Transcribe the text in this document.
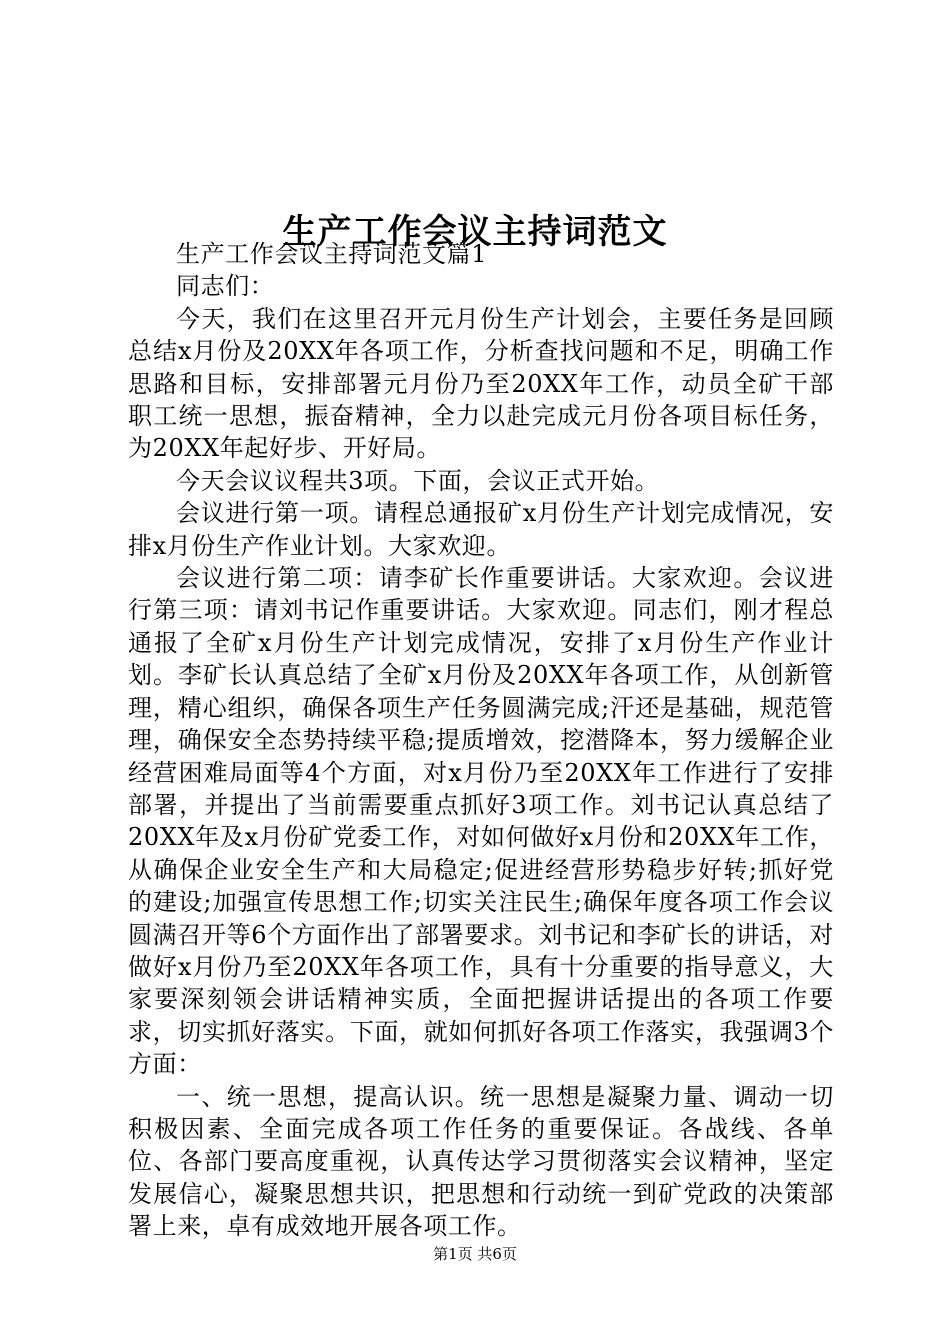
生产工作会议主持词范文

生产工作会议主持词范文篇1

同志们：

今天，我们在这里召开元月份生产计划会，主要任务是回顾总结x月份及20XX年各项工作，分析查找问题和不足，明确工作思路和目标，安排部署元月份乃至20XX年工作，动员全矿干部职工统一思想，振奋精神，全力以赴完成元月份各项目标任务，为20XX年起好步、开好局。

今天会议议程共3项。下面，会议正式开始。

会议进行第一项。请程总通报矿x月份生产计划完成情况，安排x月份生产作业计划。大家欢迎。

会议进行第二项：请李矿长作重要讲话。大家欢迎。会议进行第三项：请刘书记作重要讲话。大家欢迎。同志们，刚才程总通报了全矿x月份生产计划完成情况，安排了x月份生产作业计划。李矿长认真总结了全矿x月份及20XX年各项工作，从创新管理，精心组织，确保各项生产任务圆满完成;汗还是基础，规范管理，确保安全态势持续平稳;提质增效，挖潜降本，努力缓解企业经营困难局面等4个方面，对x月份乃至20XX年工作进行了安排部署，并提出了当前需要重点抓好3项工作。刘书记认真总结了20XX年及x月份矿党委工作，对如何做好x月份和20XX年工作，从确保企业安全生产和大局稳定;促进经营形势稳步好转;抓好党的建设;加强宣传思想工作;切实关注民生;确保年度各项工作会议圆满召开等6个方面作出了部署要求。刘书记和李矿长的讲话，对做好x月份乃至20XX年各项工作，具有十分重要的指导意义，大家要深刻领会讲话精神实质，全面把握讲话提出的各项工作要求，切实抓好落实。下面，就如何抓好各项工作落实，我强调3个方面：

一、统一思想，提高认识。统一思想是凝聚力量、调动一切积极因素、全面完成各项工作任务的重要保证。各战线、各单位、各部门要高度重视，认真传达学习贯彻落实会议精神，坚定发展信心，凝聚思想共识，把思想和行动统一到矿党政的决策部署上来，卓有成效地开展各项工作。

第1页 共6页
